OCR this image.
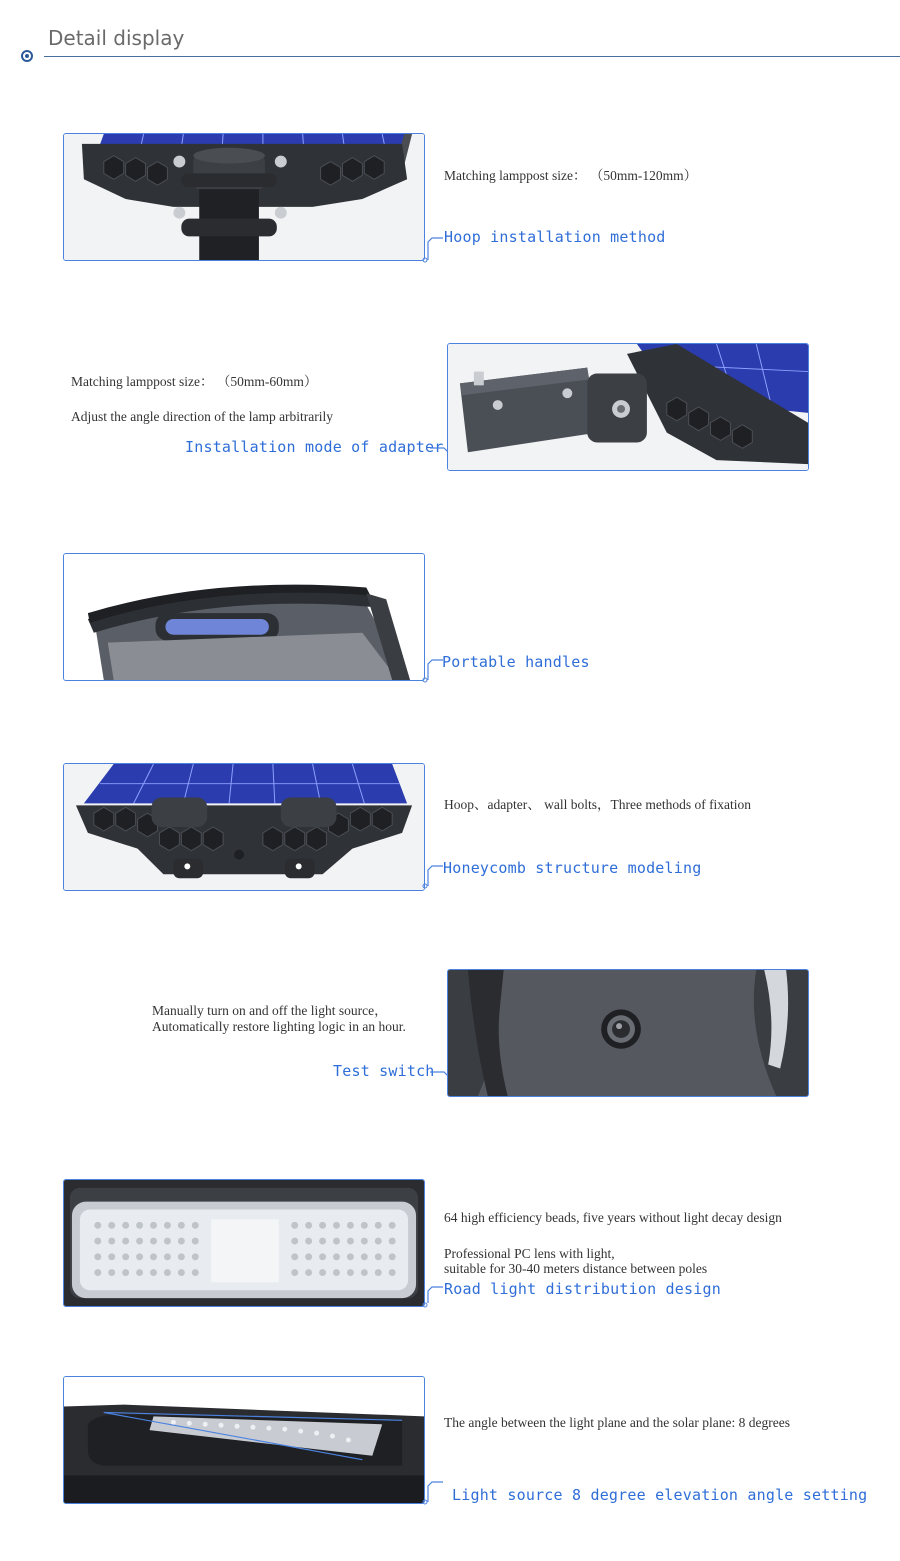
Detail display
Matching lamppost size： （50mm-120mm）
Hoop installation method
Matching lamppost size： （50mm-60mm）
Adjust the angle direction of the lamp arbitrarily
Installation mode of adapter
Portable handles
Hoop、adapter、 wall bolts，Three methods of fixation
Honeycomb structure modeling
Manually turn on and off the light source，
Automatically restore lighting logic in an hour.
Test switch
64 high efficiency beads, five years without light decay design
Professional PC lens with light,
suitable for 30-40 meters distance between poles
Road light distribution design
The angle between the light plane and the solar plane: 8 degrees
Light source 8 degree elevation angle setting
